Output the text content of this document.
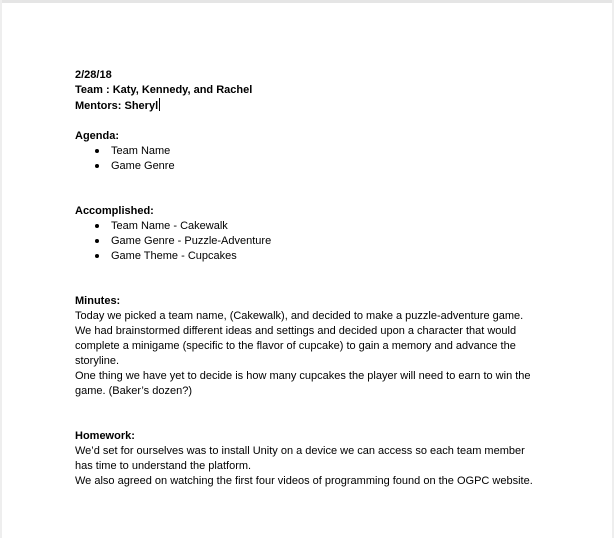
2/28/18

Team : Katy, Kennedy, and Rachel

Mentors: Sheryl

Agenda:

Team Name
Game Genre

Accomplished:

Team Name - Cakewalk
Game Genre - Puzzle-Adventure
Game Theme - Cupcakes

Minutes:

Today we picked a team name, (Cakewalk), and decided to make a puzzle-adventure game.

We had brainstormed different ideas and settings and decided upon a character that would

complete a minigame (specific to the flavor of cupcake) to gain a memory and advance the

storyline.

One thing we have yet to decide is how many cupcakes the player will need to earn to win the

game. (Baker’s dozen?)

Homework:

We’d set for ourselves was to install Unity on a device we can access so each team member

has time to understand the platform.

We also agreed on watching the first four videos of programming found on the OGPC website.
